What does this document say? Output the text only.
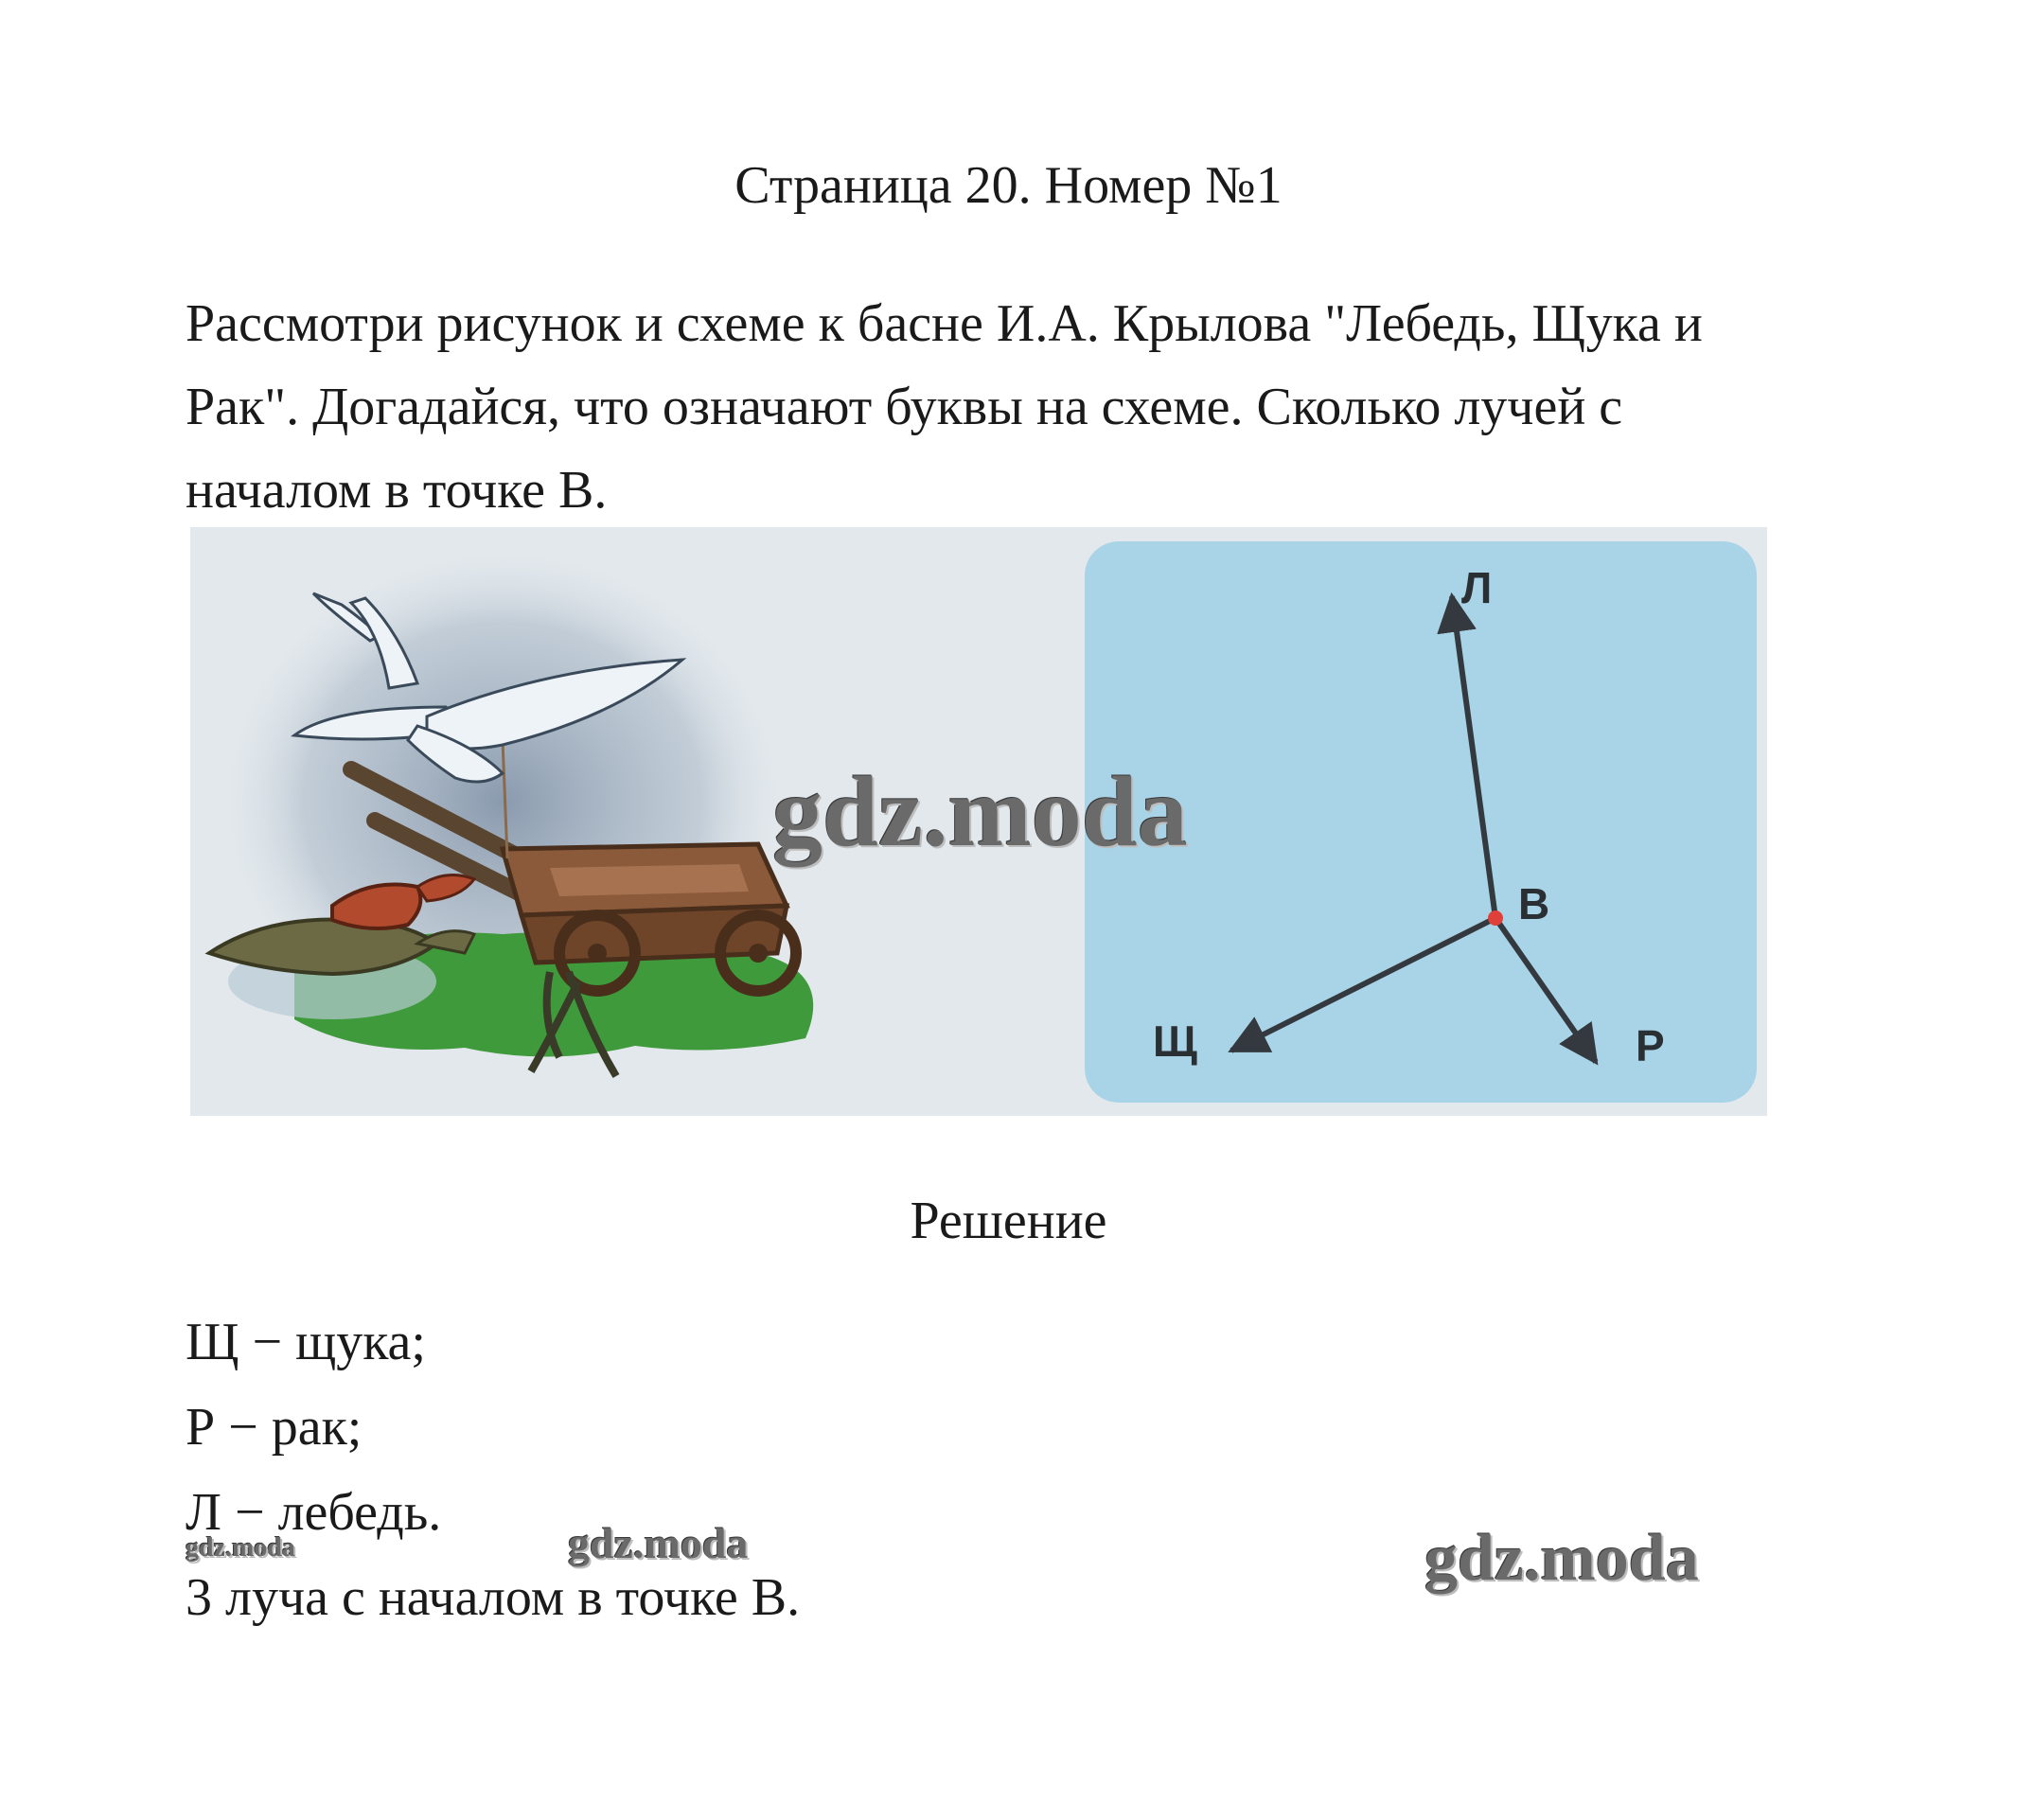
Страница 20. Номер №1

Рассмотри рисунок и схеме к басне И.А. Крылова "Лебедь, Щука и

Рак". Догадайся, что означают буквы на схеме. Сколько лучей с

началом в точке В.

Л
В
Щ	Р
gdz.moda
Решение
Щ − щука;
Р − рак;
Л − лебедь.
3 луча с началом в точке В.
gdz.moda	gdz.moda	gdz.moda
